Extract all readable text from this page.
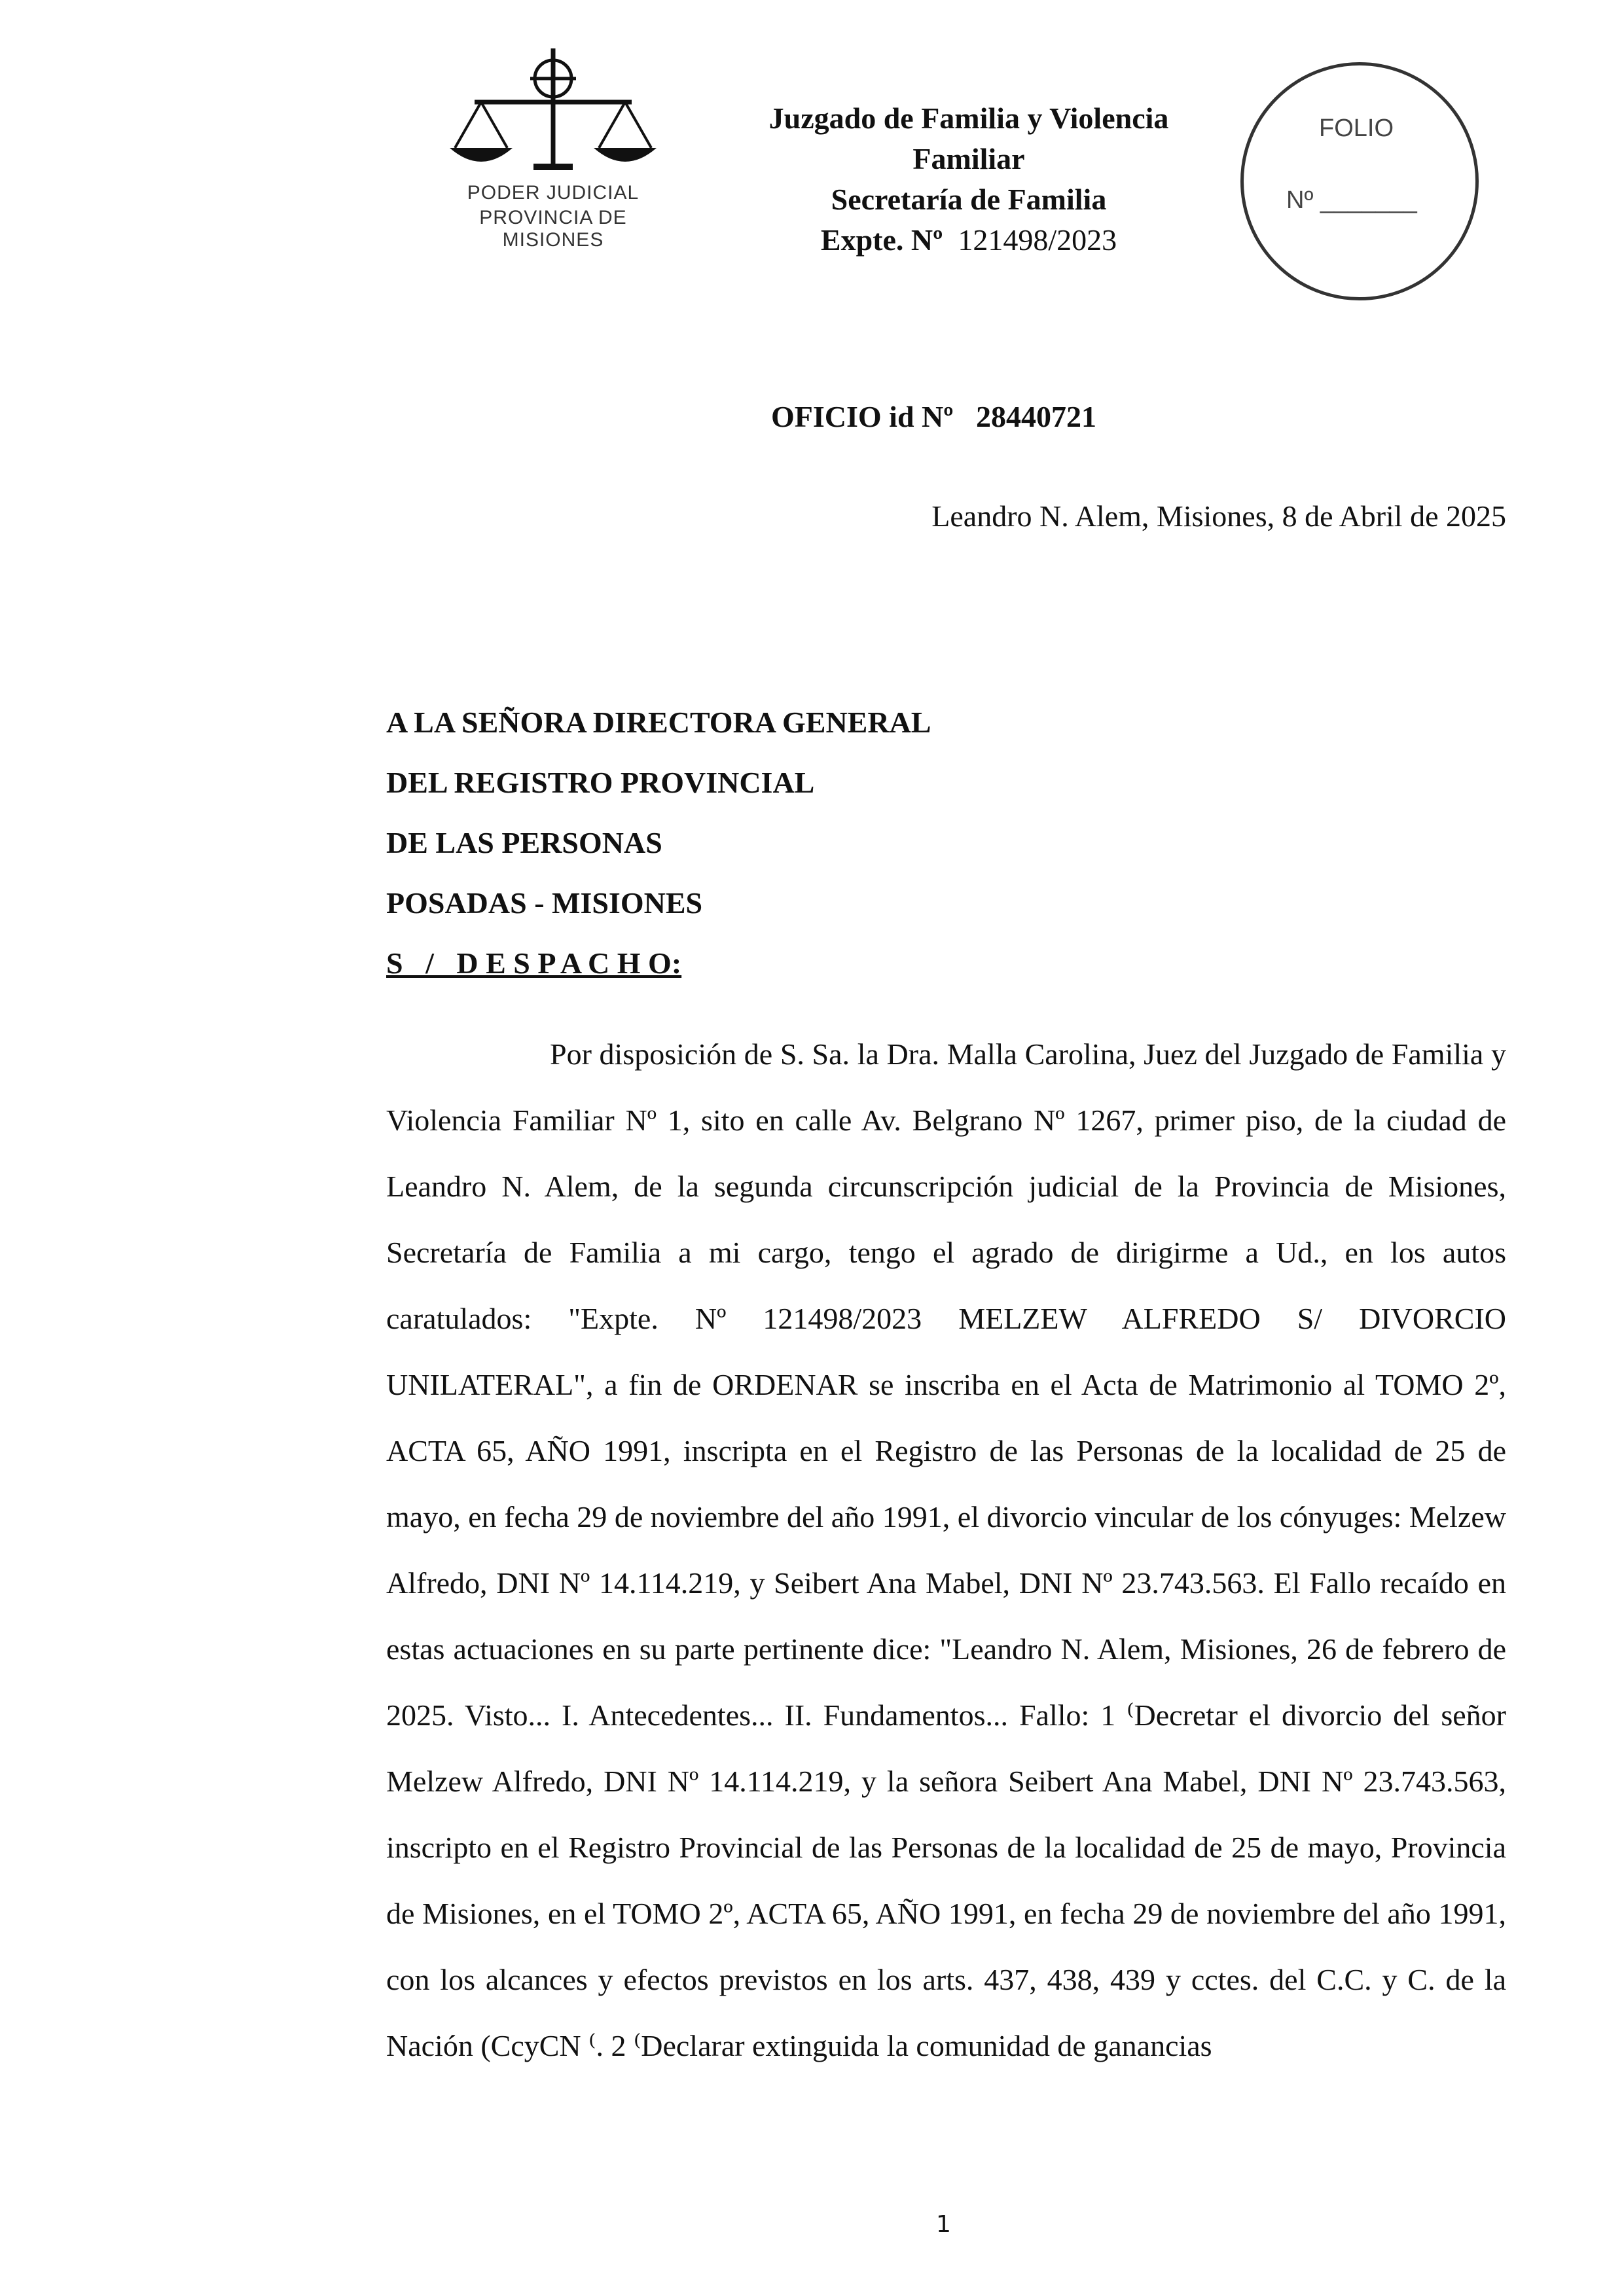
PODER JUDICIAL
PROVINCIA DE MISIONES
Juzgado de Familia y Violencia
Familiar
Secretaría de Familia
Expte. Nº 121498/2023
FOLIO
Nº _______
OFICIO id Nº   28440721
Leandro N. Alem, Misiones, 8 de Abril de 2025
A LA SEÑORA DIRECTORA GENERAL
DEL REGISTRO PROVINCIAL
DE LAS PERSONAS
POSADAS - MISIONES
S   /   D E S P A C H O:

Por disposición de S. Sa. la Dra. Malla Carolina, Juez del Juzgado de Familia y Violencia Familiar Nº 1, sito en calle Av. Belgrano Nº 1267, primer piso, de la ciudad de Leandro N. Alem, de la segunda circunscripción judicial de la Provincia de Misiones, Secretaría de Familia a mi cargo, tengo el agrado de dirigirme a Ud., en los autos caratulados: "Expte. Nº 121498/2023 MELZEW ALFREDO S/ DIVORCIO UNILATERAL", a fin de ORDENAR se inscriba en el Acta de Matrimonio al TOMO 2º, ACTA 65, AÑO 1991, inscripta en el Registro de las Personas de la localidad de 25 de mayo, en fecha 29 de noviembre del año 1991, el divorcio vincular de los cónyuges: Melzew Alfredo, DNI Nº 14.114.219, y Seibert Ana Mabel, DNI Nº 23.743.563. El Fallo recaído en estas actuaciones en su parte pertinente dice: "Leandro N. Alem, Misiones, 26 de febrero de 2025. Visto... I. Antecedentes... II. Fundamentos... Fallo: 1 ⁽Decretar el divorcio del señor Melzew Alfredo, DNI Nº 14.114.219, y la señora Seibert Ana Mabel, DNI Nº 23.743.563, inscripto en el Registro Provincial de las Personas de la localidad de 25 de mayo, Provincia de Misiones, en el TOMO 2º, ACTA 65, AÑO 1991, en fecha 29 de noviembre del año 1991, con los alcances y efectos previstos en los arts. 437, 438, 439 y cctes. del C.C. y C. de la Nación (CcyCN ⁽. 2 ⁽Declarar extinguida la comunidad de ganancias

1
